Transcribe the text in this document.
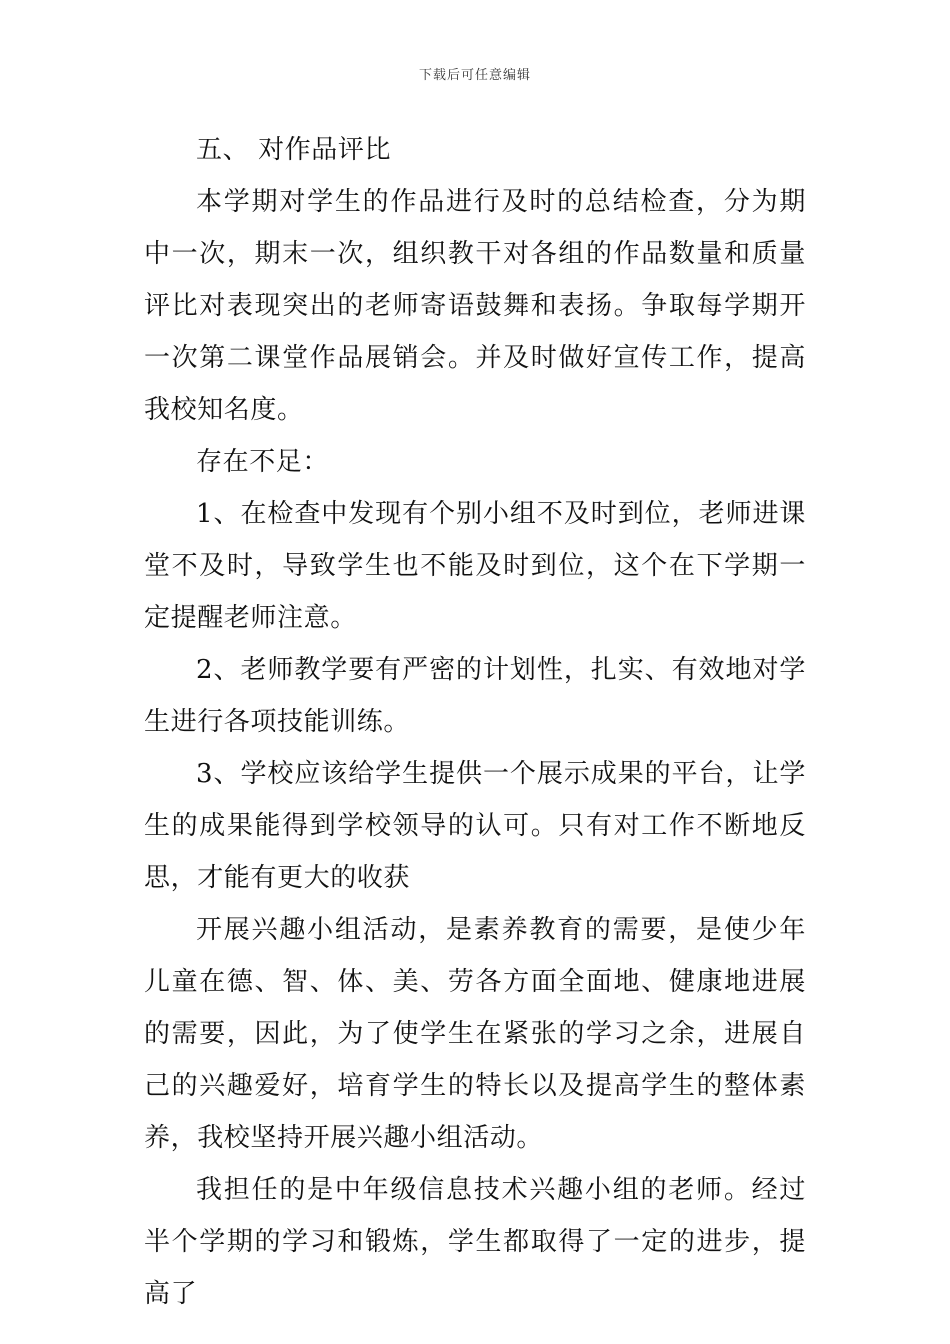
下载后可任意编辑

五、 对作品评比

本学期对学生的作品进行及时的总结检查，分为期中一次，期末一次，组织教干对各组的作品数量和质量评比对表现突出的老师寄语鼓舞和表扬。争取每学期开一次第二课堂作品展销会。并及时做好宣传工作，提高我校知名度。

存在不足：

1、在检查中发现有个别小组不及时到位，老师进课堂不及时，导致学生也不能及时到位，这个在下学期一定提醒老师注意。

2、老师教学要有严密的计划性，扎实、有效地对学生进行各项技能训练。

3、学校应该给学生提供一个展示成果的平台，让学生的成果能得到学校领导的认可。只有对工作不断地反思，才能有更大的收获

开展兴趣小组活动，是素养教育的需要，是使少年儿童在德、智、体、美、劳各方面全面地、健康地进展的需要，因此，为了使学生在紧张的学习之余，进展自己的兴趣爱好，培育学生的特长以及提高学生的整体素养，我校坚持开展兴趣小组活动。

我担任的是中年级信息技术兴趣小组的老师。经过半个学期的学习和锻炼，学生都取得了一定的进步，提高了
